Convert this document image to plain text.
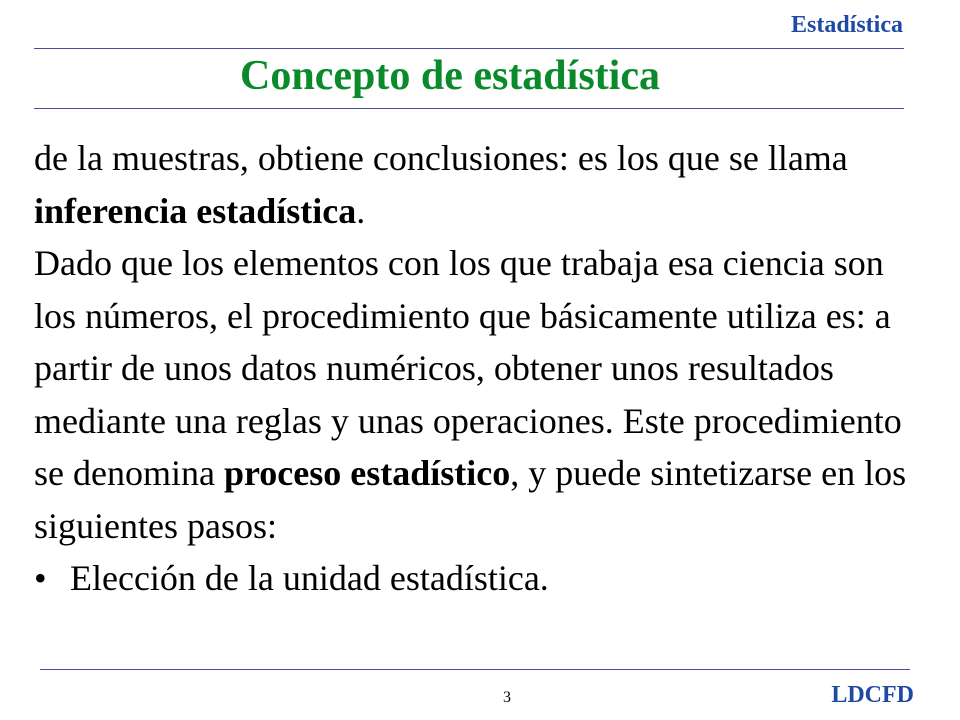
Estadística
Concepto de estadística

de la muestras, obtiene conclusiones: es los que se llama inferencia estadística.

Dado que los elementos con los que trabaja esa ciencia son los números, el procedimiento que básicamente utiliza es: a partir de unos datos numéricos, obtener unos resultados mediante una reglas y unas operaciones. Este procedimiento se denomina proceso estadístico, y puede sintetizarse en los siguientes pasos:

• Elección de la unidad estadística.
3	LDCFD
